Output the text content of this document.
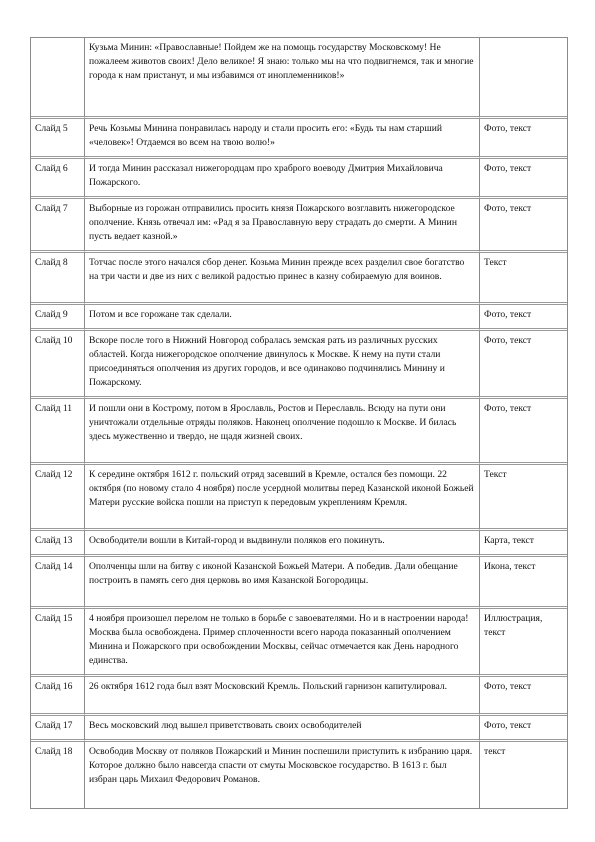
	Кузьма Минин: «Православные! Пойдем же на помощь государству Московскому! Не пожалеем животов своих! Дело великое! Я знаю: только мы на что подвигнемся, так и многие города к нам пристанут, и мы избавимся от иноплеменников!»	
Слайд 5	Речь Козьмы Минина понравилась народу и стали просить его: «Будь ты нам старший «человек»! Отдаемся во всем на твою волю!»	Фото, текст
Слайд 6	И тогда Минин рассказал нижегородцам про храброго воеводу Дмитрия Михайловича Пожарского.	Фото, текст
Слайд 7	Выборные из горожан отправились просить князя Пожарского возглавить нижегородское ополчение. Князь отвечал им: «Рад я за Православную веру страдать до смерти. А Минин пусть ведает казной.»	Фото, текст
Слайд 8	Тотчас после этого начался сбор денег. Козьма Минин прежде всех разделил свое богатство на три части и две из них с великой радостью принес в казну собираемую для воинов.	Текст
Слайд 9	Потом и все горожане так сделали.	Фото, текст
Слайд 10	Вскоре после того в Нижний Новгород собралась земская рать из различных русских областей. Когда нижегородское ополчение двинулось к Москве. К нему на пути стали присоединяться ополчения из других городов, и все одинаково подчинялись Минину и Пожарскому.	Фото, текст
Слайд 11	И пошли они в Кострому, потом в Ярославль, Ростов и Переславль. Всюду на пути они уничтожали отдельные отряды поляков. Наконец ополчение подошло к Москве. И билась здесь мужественно и твердо, не щадя жизней своих.	Фото, текст
Слайд 12	К середине октября 1612 г. польский отряд засевший в Кремле, остался без помощи. 22 октября (по новому стало 4 ноября) после усердной молитвы перед Казанской иконой Божьей Матери русские войска пошли на приступ к передовым укреплениям Кремля.	Текст
Слайд 13	Освободители вошли в Китай-город и выдвинули поляков его покинуть.	Карта, текст
Слайд 14	Ополченцы шли на битву с иконой Казанской Божьей Матери. А победив. Дали обещание построить в память сего дня церковь во имя Казанской Богородицы.	Икона, текст
Слайд 15	4 ноября произошел перелом не только в борьбе с завоевателями. Но и в настроении народа! Москва была освобождена. Пример сплоченности всего народа показанный ополчением Минина и Пожарского при освобождении Москвы, сейчас отмечается как День народного единства.	Иллюстрация, текст
Слайд 16	26 октября 1612 года был взят Московский Кремль. Польский гарнизон капитулировал.	Фото, текст
Слайд 17	Весь московский люд вышел приветствовать своих освободителей	Фото, текст
Слайд 18	Освободив Москву от поляков Пожарский и Минин поспешили приступить к избранию царя. Которое должно было навсегда спасти от смуты Московское государство. В 1613 г. был избран царь Михаил Федорович Романов.	текст
